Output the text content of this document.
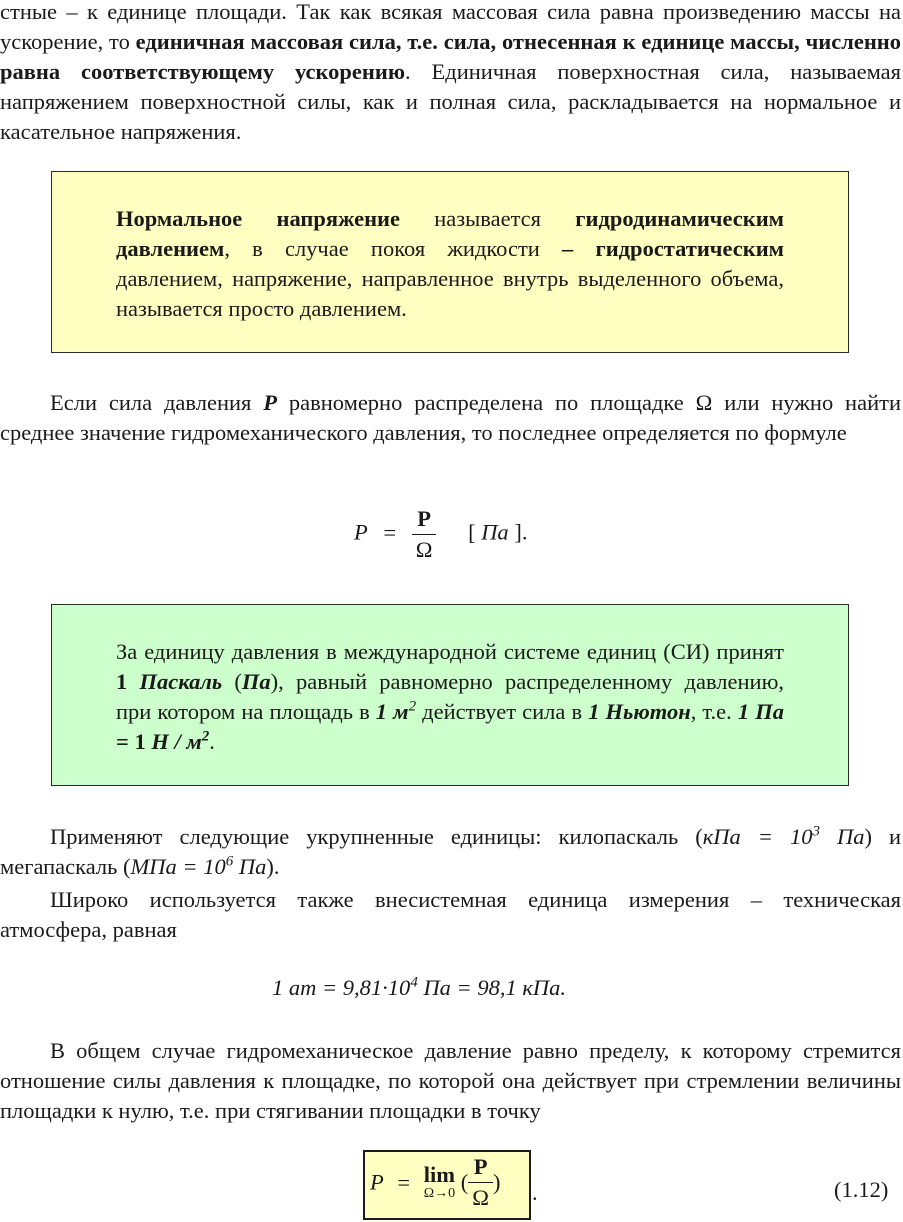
стные – к единице площади. Так как всякая массовая сила равна произведению массы на ускорение, то единичная массовая сила, т.е. сила, отнесенная к единице массы, численно равна соответствующему ускорению. Единичная поверхностная сила, называемая напряжением поверхностной силы, как и полная сила, раскладывается на нормальное и касательное напряжения.

Нормальное напряжение называется гидродинамическим давлением, в случае покоя жидкости – гидростатическим давлением, напряжение, направленное внутрь выделенного объема, называется просто давлением.

Если сила давления P равномерно распределена по площадке Ω или нужно найти среднее значение гидромеханического давления, то последнее определяется по формуле

$P = \frac{P}{\Omega}$ [ Па ].

За единицу давления в международной системе единиц (СИ) принят 1 Паскаль (Па), равный равномерно распределенному давлению, при котором на площадь в 1 $м^2$ действует сила в 1 Ньютон, т.е. 1 Па = 1 Н / $м^2$.

Применяют следующие укрупненные единицы: килопаскаль ($кПа = 10^3$ Па) и мегапаскаль ($МПа = 10^6$ Па).

Широко используется также внесистемная единица измерения – техническая атмосфера, равная

1 ат = $9,81\cdot 10^4$ Па = 98,1 кПа.

В общем случае гидромеханическое давление равно пределу, к которому стремится отношение силы давления к площадке, по которой она действует при стремлении величины площадки к нулю, т.е. при стягивании площадки в точку

P = lim
Ω→0 ( $\frac{P}{\Omega}$ ) .	(1.12)
